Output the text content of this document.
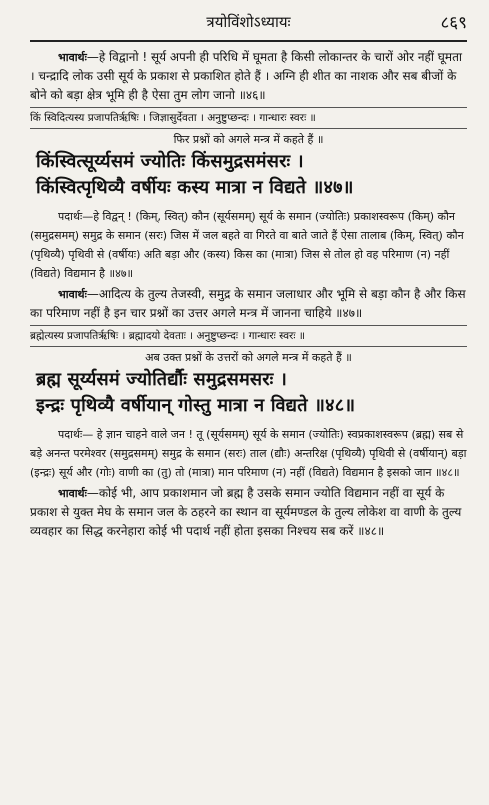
त्रयोविंशोऽध्यायः	८६९

भावार्थः—हे विद्वानो ! सूर्य अपनी ही परिधि में घूमता है किसी लोकान्तर के चारों ओर नहीं घूमता । चन्द्रादि लोक उसी सूर्य के प्रकाश से प्रकाशित होते हैं । अग्नि ही शीत का नाशक और सब बीजों के बोने को बड़ा क्षेत्र भूमि ही है ऐसा तुम लोग जानो ॥४६॥

किं स्विदित्यस्य प्रजापतिर्ऋषिः । जिज्ञासुर्देवता । अनुष्टुप्छन्दः । गान्धारः स्वरः ॥

फिर प्रश्नों को अगले मन्त्र में कहते हैं ॥

किंस्वित्सूर्य्यसमं ज्योतिः किंसमुद्रसमंसरः ।

किंस्वित्पृथिव्यै वर्षीयः कस्य मात्रा न विद्यते ॥४७॥

पदार्थः—हे विद्वन् ! (किम्, स्वित्) कौन (सूर्यसमम्) सूर्य के समान (ज्योतिः) प्रकाशस्वरूप (किम्) कौन (समुद्रसमम्) समुद्र के समान (सरः) जिस में जल बहते वा गिरते वा बाते जाते हैं ऐसा तालाब (किम्, स्वित्) कौन (पृथिव्यै) पृथिवी से (वर्षीयः) अति बड़ा और (कस्य) किस का (मात्रा) जिस से तोल हो वह परिमाण (न) नहीं (विद्यते) विद्यमान है ॥४७॥

भावार्थः—आदित्य के तुल्य तेजस्वी, समुद्र के समान जलाधार और भूमि से बड़ा कौन है और किस का परिमाण नहीं है इन चार प्रश्नों का उत्तर अगले मन्त्र में जानना चाहिये ॥४७॥

ब्रह्मेत्यस्य प्रजापतिर्ऋषिः । ब्रह्मादयो देवताः । अनुष्टुप्छन्दः । गान्धारः स्वरः ॥

अब उक्त प्रश्नों के उत्तरों को अगले मन्त्र में कहते हैं ॥

ब्रह्म सूर्य्यसमं ज्योतिर्द्यौः समुद्रसमसरः ।

इन्द्रः पृथिव्यै वर्षीयान् गोस्तु मात्रा न विद्यते ॥४८॥

पदार्थः— हे ज्ञान चाहने वाले जन ! तू (सूर्यसमम्) सूर्य के समान (ज्योतिः) स्वप्रकाशस्वरूप (ब्रह्म) सब से बड़े अनन्त परमेश्वर (समुद्रसमम्) समुद्र के समान (सरः) ताल (द्यौः) अन्तरिक्ष (पृथिव्यै) पृथिवी से (वर्षीयान्) बड़ा (इन्द्रः) सूर्य और (गोः) वाणी का (तु) तो (मात्रा) मान परिमाण (न) नहीं (विद्यते) विद्यमान है इसको जान ॥४८॥

भावार्थः—कोई भी, आप प्रकाशमान जो ब्रह्म है उसके समान ज्योति विद्यमान नहीं वा सूर्य के प्रकाश से युक्त मेघ के समान जल के ठहरने का स्थान वा सूर्यमण्डल के तुल्य लोकेश वा वाणी के तुल्य व्यवहार का सिद्ध करनेहारा कोई भी पदार्थ नहीं होता इसका निश्चय सब करें ॥४८॥
